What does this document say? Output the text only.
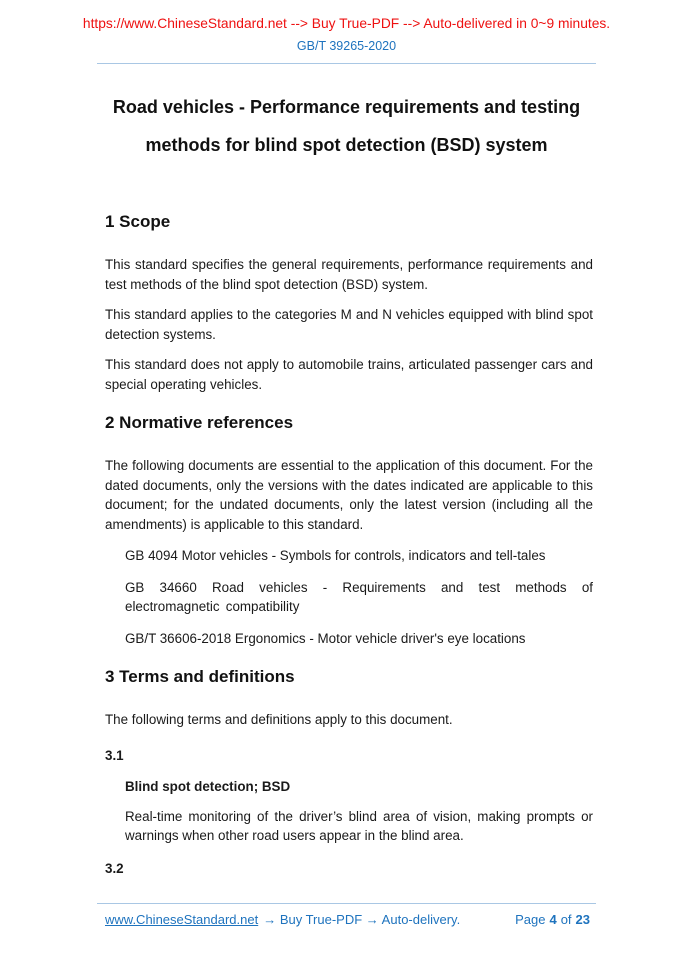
https://www.ChineseStandard.net --> Buy True-PDF --> Auto-delivered in 0~9 minutes.
GB/T 39265-2020
Road vehicles - Performance requirements and testing
methods for blind spot detection (BSD) system
1 Scope

This standard specifies the general requirements, performance requirements and test methods of the blind spot detection (BSD) system.

This standard applies to the categories M and N vehicles equipped with blind spot detection systems.

This standard does not apply to automobile trains, articulated passenger cars and special operating vehicles.

2 Normative references

The following documents are essential to the application of this document. For the dated documents, only the versions with the dates indicated are applicable to this document; for the undated documents, only the latest version (including all the amendments) is applicable to this standard.

GB 4094 Motor vehicles - Symbols for controls, indicators and tell-tales
GB 34660 Road vehicles - Requirements and test methods of electromagnetic compatibility
GB/T 36606-2018 Ergonomics - Motor vehicle driver's eye locations
3 Terms and definitions

The following terms and definitions apply to this document.

3.1
Blind spot detection; BSD
Real-time monitoring of the driver’s blind area of vision, making prompts or warnings when other road users appear in the blind area.
3.2
www.ChineseStandard.net → Buy True-PDF → Auto-delivery.	Page 4 of 23
